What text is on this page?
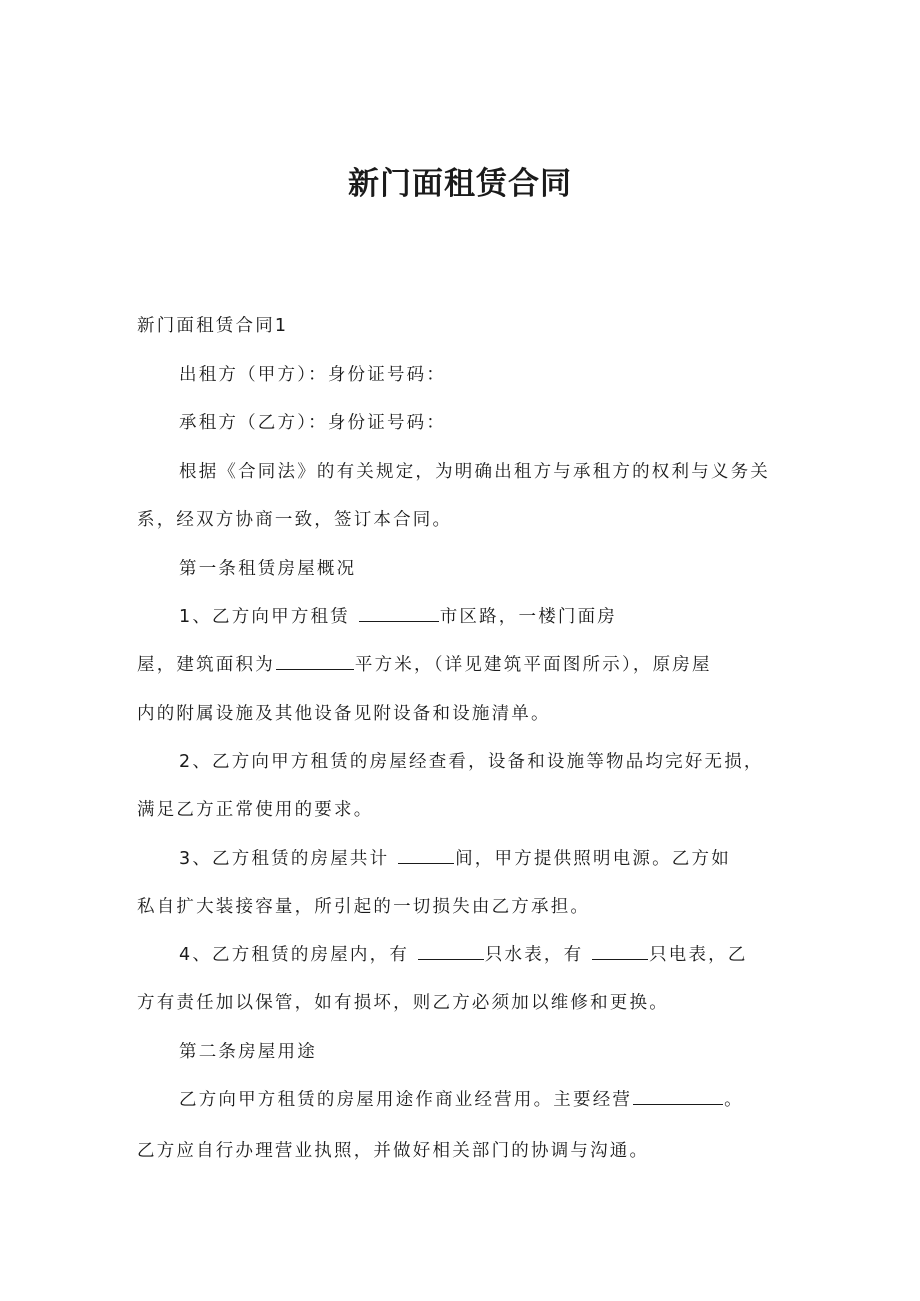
新门面租赁合同

新门面租赁合同1

出租方（甲方）：身份证号码：

承租方（乙方）：身份证号码：

根据《合同法》的有关规定，为明确出租方与承租方的权利与义务关

系，经双方协商一致，签订本合同。

第一条租赁房屋概况

1、乙方向甲方租赁	市区路，一楼门面房

屋，建筑面积为	平方米，（详见建筑平面图所示），原房屋

内的附属设施及其他设备见附设备和设施清单。

2、乙方向甲方租赁的房屋经查看，设备和设施等物品均完好无损，

满足乙方正常使用的要求。

3、乙方租赁的房屋共计	间，甲方提供照明电源。乙方如

私自扩大装接容量，所引起的一切损失由乙方承担。

4、乙方租赁的房屋内，有	只水表，有	只电表，乙

方有责任加以保管，如有损坏，则乙方必须加以维修和更换。

第二条房屋用途

乙方向甲方租赁的房屋用途作商业经营用。主要经营	。

乙方应自行办理营业执照，并做好相关部门的协调与沟通。
